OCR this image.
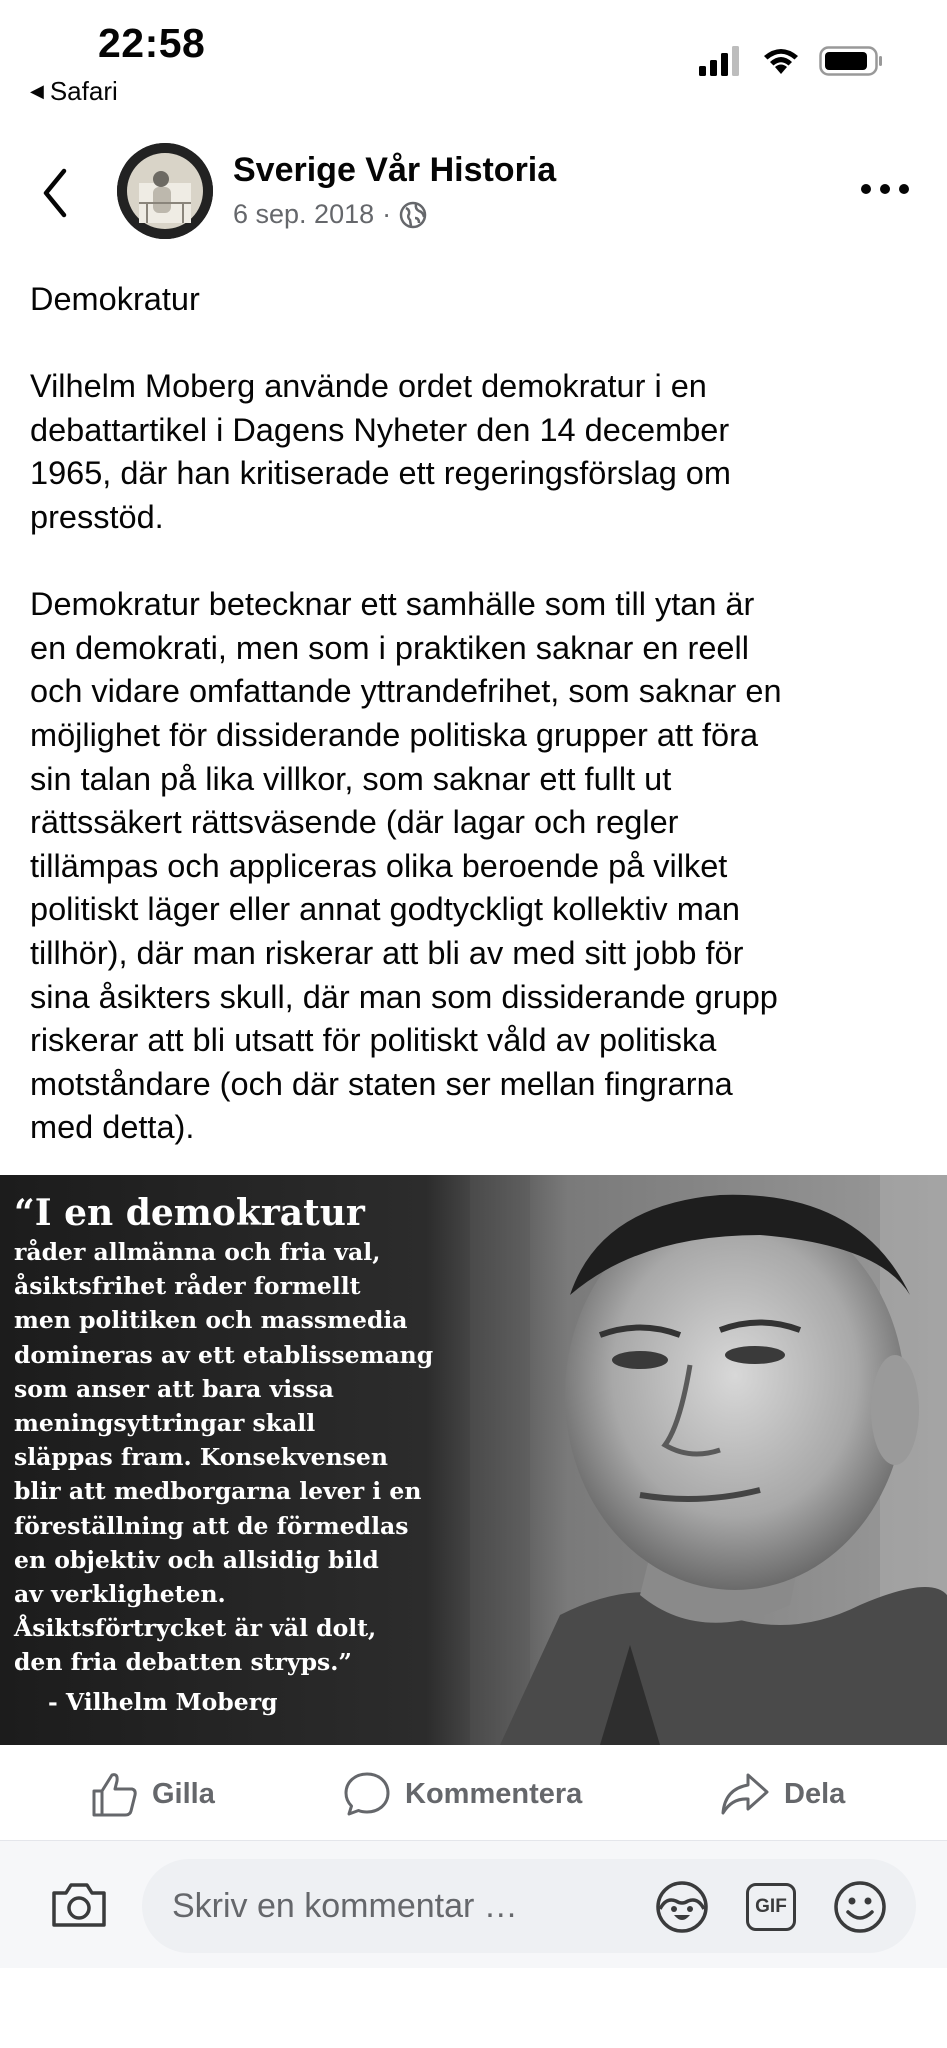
22:58
◀ Safari
Sverige Vår Historia
6 sep. 2018 ·

Demokratur

Vilhelm Moberg använde ordet demokratur i en
debattartikel i Dagens Nyheter den 14 december
1965, där han kritiserade ett regeringsförslag om
presstöd.

Demokratur betecknar ett samhälle som till ytan är
en demokrati, men som i praktiken saknar en reell
och vidare omfattande yttrandefrihet, som saknar en
möjlighet för dissiderande politiska grupper att föra
sin talan på lika villkor, som saknar ett fullt ut
rättssäkert rättsväsende (där lagar och regler
tillämpas och appliceras olika beroende på vilket
politiskt läger eller annat godtyckligt kollektiv man
tillhör), där man riskerar att bli av med sitt jobb för
sina åsikters skull, där man som dissiderande grupp
riskerar att bli utsatt för politiskt våld av politiska
motståndare (och där staten ser mellan fingrarna
med detta).

“I en demokratur
råder allmänna och fria val,
åsiktsfrihet råder formellt
men politiken och massmedia
domineras av ett etablissemang
som anser att bara vissa
meningsyttringar skall
släppas fram. Konsekvensen
blir att medborgarna lever i en
föreställning att de förmedlas
en objektiv och allsidig bild
av verkligheten.
Åsiktsförtrycket är väl dolt,
den fria debatten stryps.”
- Vilhelm Moberg
Gilla	Kommentera	Dela
Skriv en kommentar …	GIF
